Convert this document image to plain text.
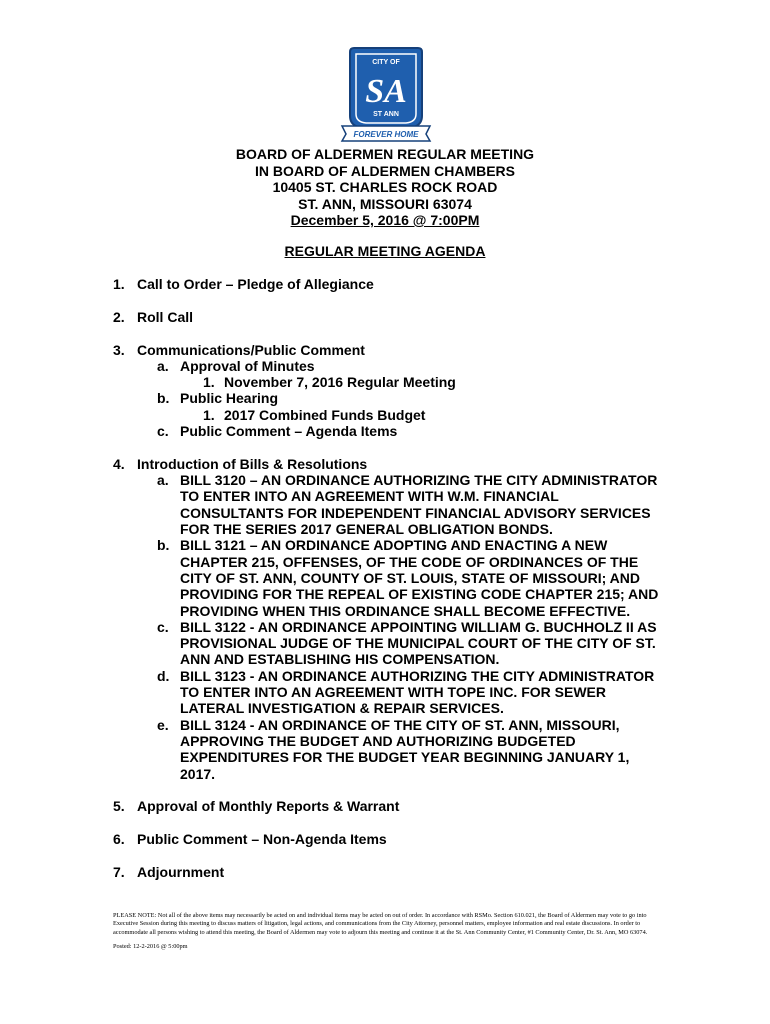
CITY OF
SA
ST ANN
FOREVER HOME
BOARD OF ALDERMEN REGULAR MEETING
IN BOARD OF ALDERMEN CHAMBERS
10405 ST. CHARLES ROCK ROAD
ST. ANN, MISSOURI 63074
December 5, 2016 @ 7:00PM
REGULAR MEETING AGENDA
1. Call to Order – Pledge of Allegiance
2. Roll Call
3. Communications/Public Comment
a. Approval of Minutes
1. November 7, 2016 Regular Meeting
b. Public Hearing
1. 2017 Combined Funds Budget
c. Public Comment – Agenda Items
4. Introduction of Bills & Resolutions
a. BILL 3120 – AN ORDINANCE AUTHORIZING THE CITY ADMINISTRATOR
TO ENTER INTO AN AGREEMENT WITH W.M. FINANCIAL
CONSULTANTS FOR INDEPENDENT FINANCIAL ADVISORY SERVICES
FOR THE SERIES 2017 GENERAL OBLIGATION BONDS.
b. BILL 3121 – AN ORDINANCE ADOPTING AND ENACTING A NEW
CHAPTER 215, OFFENSES, OF THE CODE OF ORDINANCES OF THE
CITY OF ST. ANN, COUNTY OF ST. LOUIS, STATE OF MISSOURI; AND
PROVIDING FOR THE REPEAL OF EXISTING CODE CHAPTER 215; AND
PROVIDING WHEN THIS ORDINANCE SHALL BECOME EFFECTIVE.
c. BILL 3122 - AN ORDINANCE APPOINTING WILLIAM G. BUCHHOLZ II AS
PROVISIONAL JUDGE OF THE MUNICIPAL COURT OF THE CITY OF ST.
ANN AND ESTABLISHING HIS COMPENSATION.
d. BILL 3123 - AN ORDINANCE AUTHORIZING THE CITY ADMINISTRATOR
TO ENTER INTO AN AGREEMENT WITH TOPE INC. FOR SEWER
LATERAL INVESTIGATION & REPAIR SERVICES.
e. BILL 3124 - AN ORDINANCE OF THE CITY OF ST. ANN, MISSOURI,
APPROVING THE BUDGET AND AUTHORIZING BUDGETED
EXPENDITURES FOR THE BUDGET YEAR BEGINNING JANUARY 1,
2017.
5. Approval of Monthly Reports & Warrant
6. Public Comment – Non-Agenda Items
7. Adjournment
PLEASE NOTE: Not all of the above items may necessarily be acted on and individual items may be acted on out of order. In accordance with RSMo. Section 610.021, the Board of Aldermen may vote to go into
Executive Session during this meeting to discuss matters of litigation, legal actions, and communications from the City Attorney, personnel matters, employee information and real estate discussions. In order to
accommodate all persons wishing to attend this meeting, the Board of Aldermen may vote to adjourn this meeting and continue it at the St. Ann Community Center, #1 Community Center, Dr. St. Ann, MO 63074.
Posted: 12-2-2016 @ 5:00pm
